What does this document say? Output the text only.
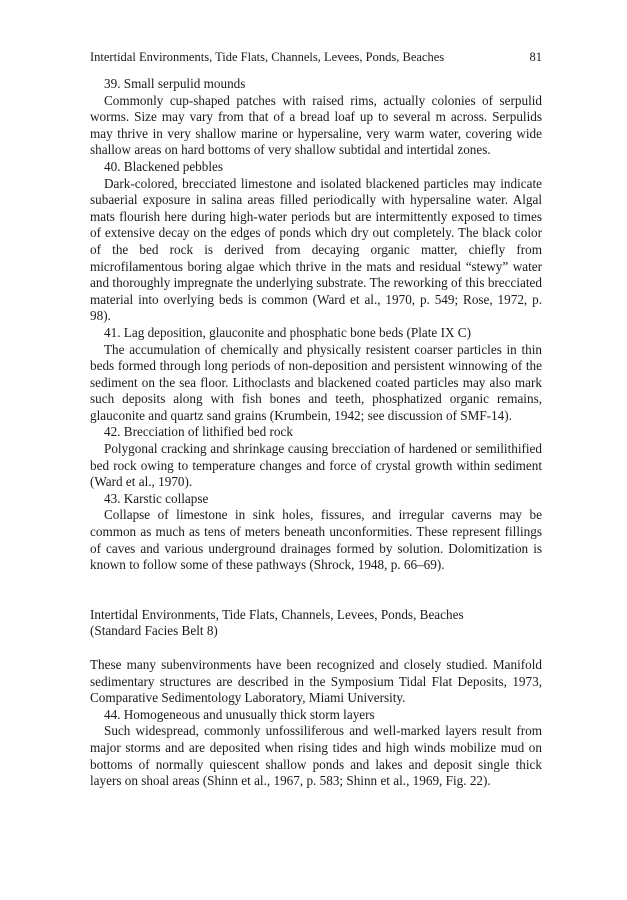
Intertidal Environments, Tide Flats, Channels, Levees, Ponds, Beaches	81

39. Small serpulid mounds

Commonly cup-shaped patches with raised rims, actually colonies of serpulid worms. Size may vary from that of a bread loaf up to several m across. Serpulids may thrive in very shallow marine or hypersaline, very warm water, covering wide shallow areas on hard bottoms of very shallow subtidal and intertidal zones.

40. Blackened pebbles

Dark-colored, brecciated limestone and isolated blackened particles may indicate subaerial exposure in salina areas filled periodically with hypersaline water. Algal mats flourish here during high-water periods but are intermittently exposed to times of extensive decay on the edges of ponds which dry out completely. The black color of the bed rock is derived from decaying organic matter, chiefly from microfilamentous boring algae which thrive in the mats and residual “stewy” water and thoroughly impregnate the underlying substrate. The reworking of this brecciated material into overlying beds is common (Ward et al., 1970, p. 549; Rose, 1972, p. 98).

41. Lag deposition, glauconite and phosphatic bone beds (Plate IX C)

The accumulation of chemically and physically resistent coarser particles in thin beds formed through long periods of non-deposition and persistent winnowing of the sediment on the sea floor. Lithoclasts and blackened coated particles may also mark such deposits along with fish bones and teeth, phosphatized organic remains, glauconite and quartz sand grains (Krumbein, 1942; see discussion of SMF-14).

42. Brecciation of lithified bed rock

Polygonal cracking and shrinkage causing brecciation of hardened or semilithified bed rock owing to temperature changes and force of crystal growth within sediment (Ward et al., 1970).

43. Karstic collapse

Collapse of limestone in sink holes, fissures, and irregular caverns may be common as much as tens of meters beneath unconformities. These represent fillings of caves and various underground drainages formed by solution. Dolomitization is known to follow some of these pathways (Shrock, 1948, p. 66–69).

Intertidal Environments, Tide Flats, Channels, Levees, Ponds, Beaches
(Standard Facies Belt 8)

These many subenvironments have been recognized and closely studied. Manifold sedimentary structures are described in the Symposium Tidal Flat Deposits, 1973, Comparative Sedimentology Laboratory, Miami University.

44. Homogeneous and unusually thick storm layers

Such widespread, commonly unfossiliferous and well-marked layers result from major storms and are deposited when rising tides and high winds mobilize mud on bottoms of normally quiescent shallow ponds and lakes and deposit single thick layers on shoal areas (Shinn et al., 1967, p. 583; Shinn et al., 1969, Fig. 22).
